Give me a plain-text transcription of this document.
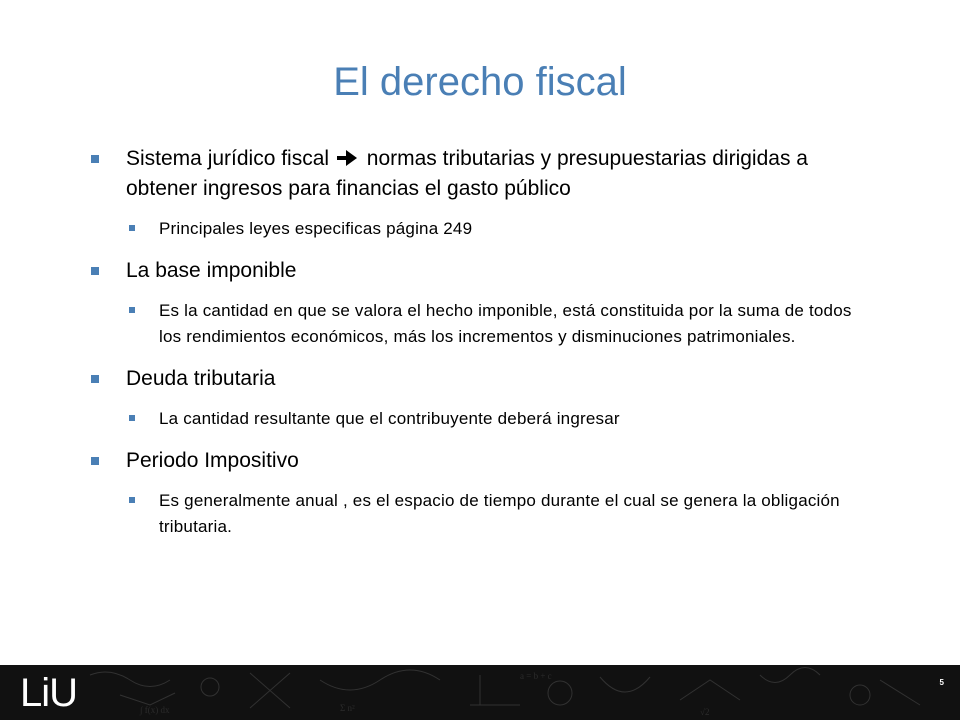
El derecho fiscal
Sistema jurídico fiscal  normas tributarias y presupuestarias dirigidas a obtener ingresos para financias el gasto público
Principales leyes especificas página 249
La base imponible
Es la cantidad en que se valora el hecho imponible, está constituida por la suma de todos los rendimientos económicos, más los incrementos y disminuciones patrimoniales.
Deuda tributaria
La cantidad resultante que el contribuyente deberá ingresar
Periodo Impositivo
Es generalmente anual , es el espacio de tiempo durante el cual se genera la obligación tributaria.
∫ f(x) dx	Σ n²
a = b + c
√2
LiU	5
